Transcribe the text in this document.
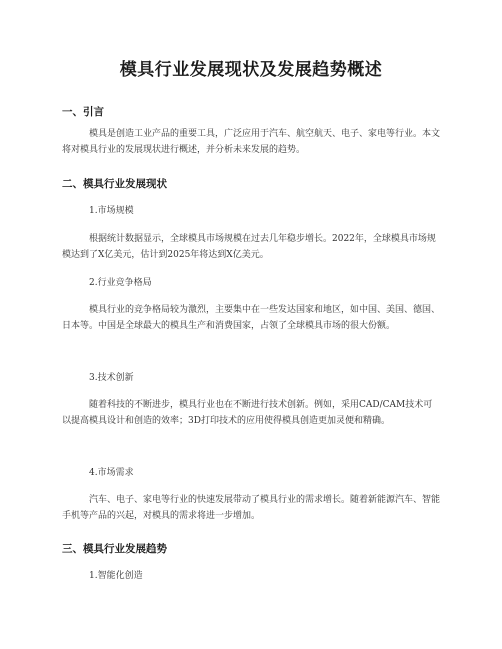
模具行业发展现状及发展趋势概述
一、引言
模具是创造工业产品的重要工具，广泛应用于汽车、航空航天、电子、家电等行业。本文将对模具行业的发展现状进行概述，并分析未来发展的趋势。
二、模具行业发展现状
1.市场规模
根据统计数据显示，全球模具市场规模在过去几年稳步增长。2022年，全球模具市场规模达到了X亿美元，估计到2025年将达到X亿美元。
2.行业竞争格局
模具行业的竞争格局较为激烈，主要集中在一些发达国家和地区，如中国、美国、德国、日本等。中国是全球最大的模具生产和消费国家，占领了全球模具市场的很大份额。
3.技术创新
随着科技的不断进步，模具行业也在不断进行技术创新。例如，采用CAD/CAM技术可以提高模具设计和创造的效率；3D打印技术的应用使得模具创造更加灵便和精确。
4.市场需求
汽车、电子、家电等行业的快速发展带动了模具行业的需求增长。随着新能源汽车、智能手机等产品的兴起，对模具的需求将进一步增加。
三、模具行业发展趋势
1.智能化创造
